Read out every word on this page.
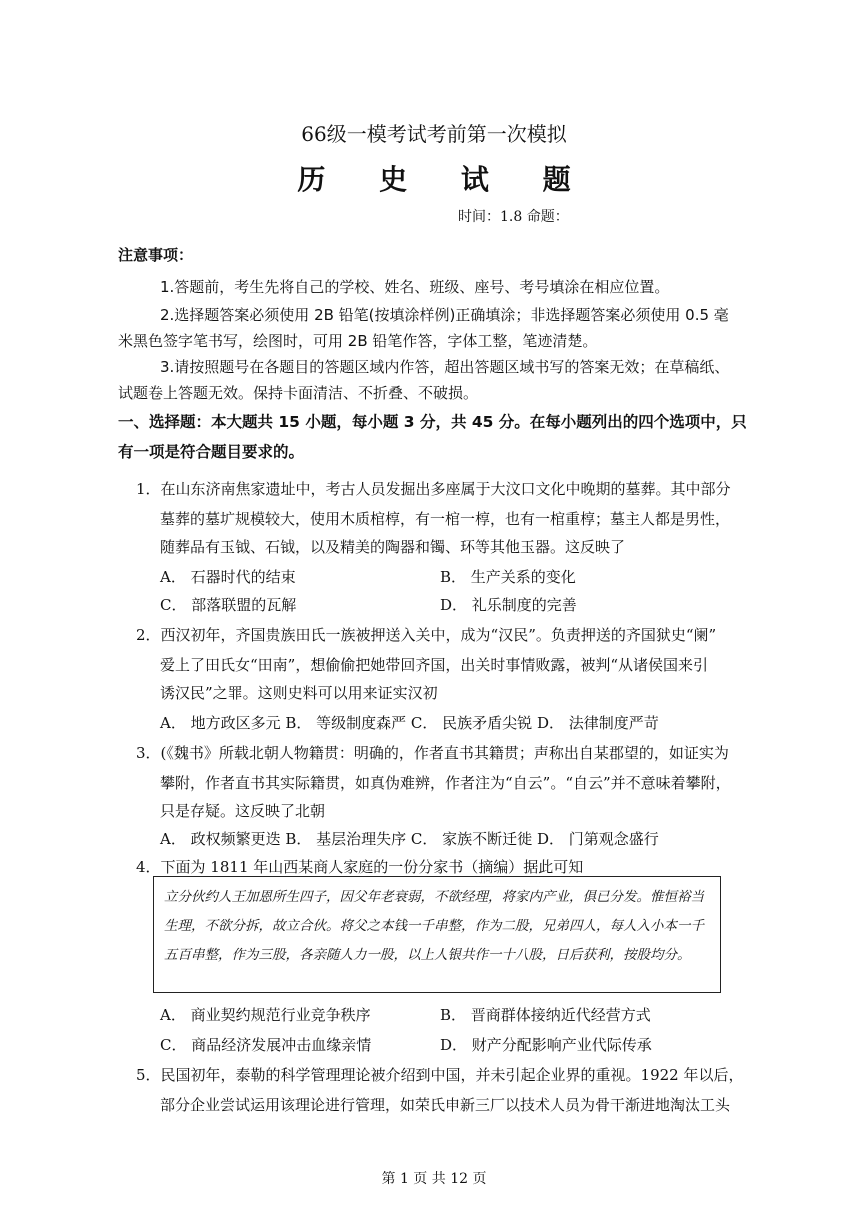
66级一模考试考前第一次模拟
历 史 试 题
时间：1.8 命题：
注意事项：
1.答题前，考生先将自己的学校、姓名、班级、座号、考号填涂在相应位置。
2.选择题答案必须使用 2B 铅笔(按填涂样例)正确填涂；非选择题答案必须使用 0.5 毫
米黑色签字笔书写，绘图时，可用 2B 铅笔作答，字体工整，笔迹清楚。
3.请按照题号在各题目的答题区域内作答，超出答题区域书写的答案无效；在草稿纸、
试题卷上答题无效。保持卡面清洁、不折叠、不破损。
一、选择题：本大题共 15 小题，每小题 3 分，共 45 分。在每小题列出的四个选项中，只
有一项是符合题目要求的。
1．在山东济南焦家遗址中，考古人员发掘出多座属于大汶口文化中晚期的墓葬。其中部分
墓葬的墓圹规模较大，使用木质棺椁，有一棺一椁，也有一棺重椁；墓主人都是男性，
随葬品有玉钺、石钺，以及精美的陶器和镯、环等其他玉器。这反映了
A． 石器时代的结束	B． 生产关系的变化
C． 部落联盟的瓦解	D． 礼乐制度的完善
2．西汉初年，齐国贵族田氏一族被押送入关中，成为“汉民”。负责押送的齐国狱史“阑”
爱上了田氏女“田南”，想偷偷把她带回齐国，出关时事情败露，被判“从诸侯国来引
诱汉民”之罪。这则史料可以用来证实汉初
A． 地方政区多元 B． 等级制度森严 C． 民族矛盾尖锐 D． 法律制度严苛
3．(《魏书》所载北朝人物籍贯：明确的，作者直书其籍贯；声称出自某郡望的，如证实为
攀附，作者直书其实际籍贯，如真伪难辨，作者注为“自云”。“自云”并不意味着攀附，
只是存疑。这反映了北朝
A． 政权频繁更迭 B． 基层治理失序 C． 家族不断迁徙 D． 门第观念盛行
4．下面为 1811 年山西某商人家庭的一份分家书（摘编）据此可知

立分伙约人王加恩所生四子，因父年老衰弱，不欲经理，将家内产业，俱已分发。惟恒裕当生理，不欲分拆，故立合伙。将父之本钱一千串整，作为二股，兄弟四人，每人入小本一千五百串整，作为三股，各亲随人力一股，以上人银共作一十八股，日后获利，按股均分。

A． 商业契约规范行业竞争秩序	B． 晋商群体接纳近代经营方式
C． 商品经济发展冲击血缘亲情	D． 财产分配影响产业代际传承
5．民国初年，泰勒的科学管理理论被介绍到中国，并未引起企业界的重视。1922 年以后，
部分企业尝试运用该理论进行管理，如荣氏申新三厂以技术人员为骨干渐进地淘汰工头
第 1 页 共 12 页
